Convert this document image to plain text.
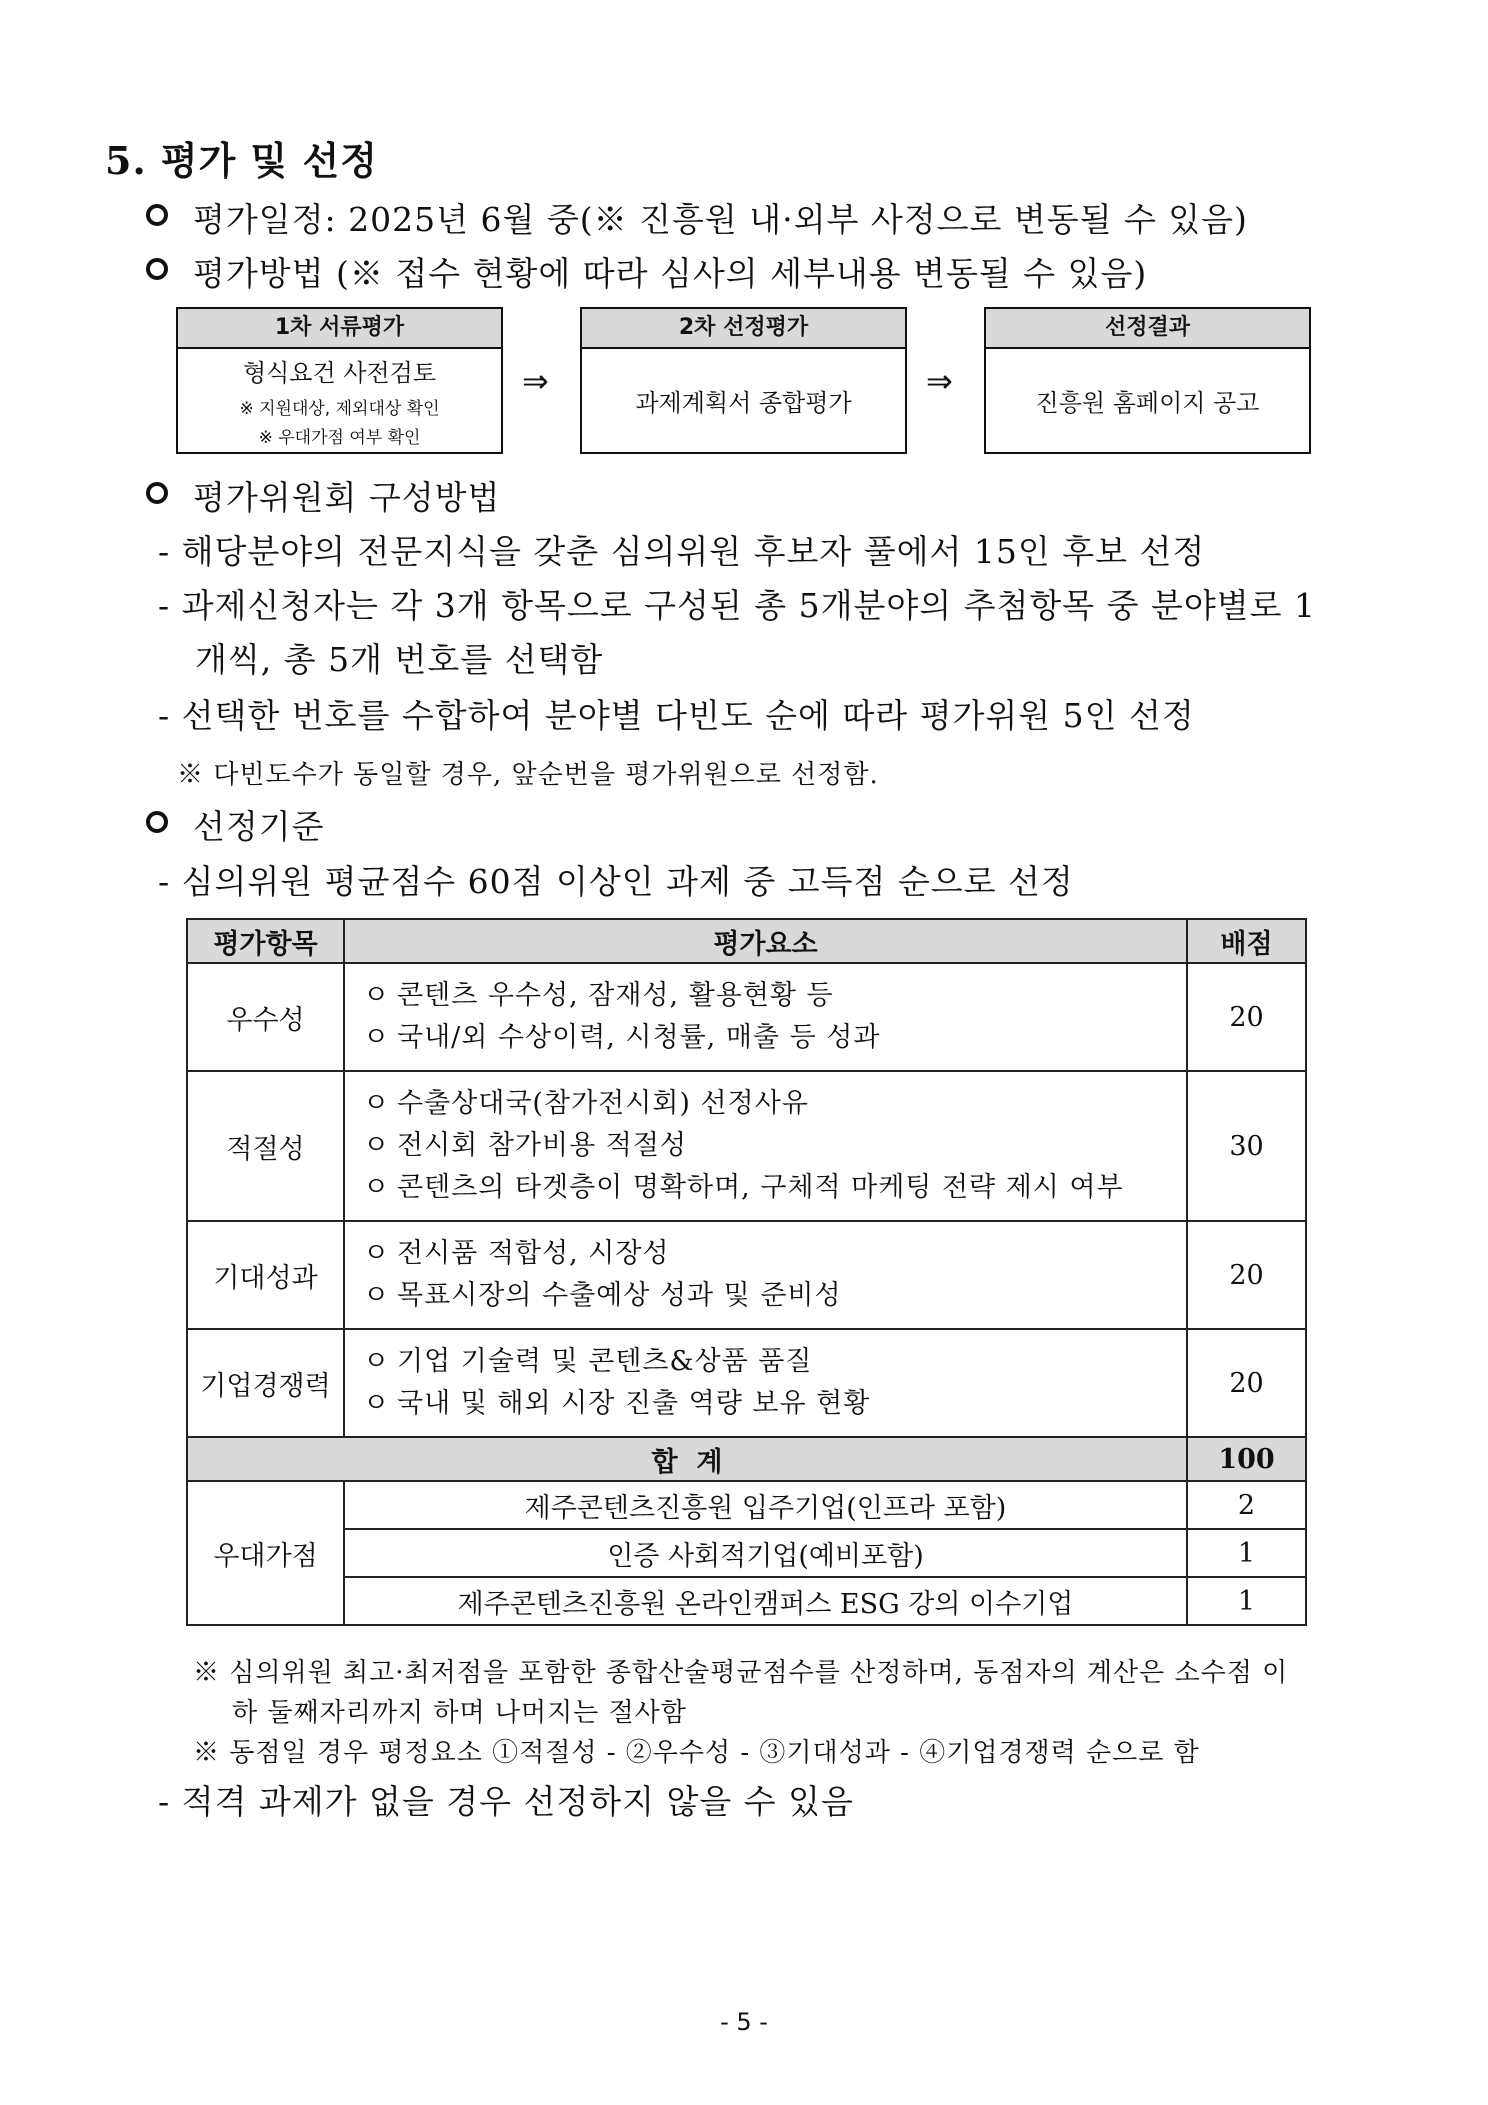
5. 평가 및 선정
평가일정: 2025년 6월 중(※ 진흥원 내·외부 사정으로 변동될 수 있음)
평가방법 (※ 접수 현황에 따라 심사의 세부내용 변동될 수 있음)
1차 서류평가
형식요건 사전검토
※ 지원대상, 제외대상 확인
※ 우대가점 여부 확인
⇒
2차 선정평가
과제계획서 종합평가
⇒
선정결과
진흥원 홈페이지 공고
평가위원회 구성방법
- 해당분야의 전문지식을 갖춘 심의위원 후보자 풀에서 15인 후보 선정
- 과제신청자는 각 3개 항목으로 구성된 총 5개분야의 추첨항목 중 분야별로 1
개씩, 총 5개 번호를 선택함
- 선택한 번호를 수합하여 분야별 다빈도 순에 따라 평가위원 5인 선정
※ 다빈도수가 동일할 경우, 앞순번을 평가위원으로 선정함.
선정기준
- 심의위원 평균점수 60점 이상인 과제 중 고득점 순으로 선정
평가항목	평가요소	배점
우수성	ㅇ 콘텐츠 우수성, 잠재성, 활용현황 등
ㅇ 국내/외 수상이력, 시청률, 매출 등 성과	20
적절성	ㅇ 수출상대국(참가전시회) 선정사유
ㅇ 전시회 참가비용 적절성
ㅇ 콘텐츠의 타겟층이 명확하며, 구체적 마케팅 전략 제시 여부	30
기대성과	ㅇ 전시품 적합성, 시장성
ㅇ 목표시장의 수출예상 성과 및 준비성	20
기업경쟁력	ㅇ 기업 기술력 및 콘텐츠&상품 품질
ㅇ 국내 및 해외 시장 진출 역량 보유 현황	20
합  계		100
우대가점	제주콘텐츠진흥원 입주기업(인프라 포함)	2
	인증 사회적기업(예비포함)	1
	제주콘텐츠진흥원 온라인캠퍼스 ESG 강의 이수기업	1
※ 심의위원 최고·최저점을 포함한 종합산술평균점수를 산정하며, 동점자의 계산은 소수점 이
하 둘째자리까지 하며 나머지는 절사함
※ 동점일 경우 평정요소 ①적절성 - ②우수성 - ③기대성과 - ④기업경쟁력 순으로 함
- 적격 과제가 없을 경우 선정하지 않을 수 있음
- 5 -
